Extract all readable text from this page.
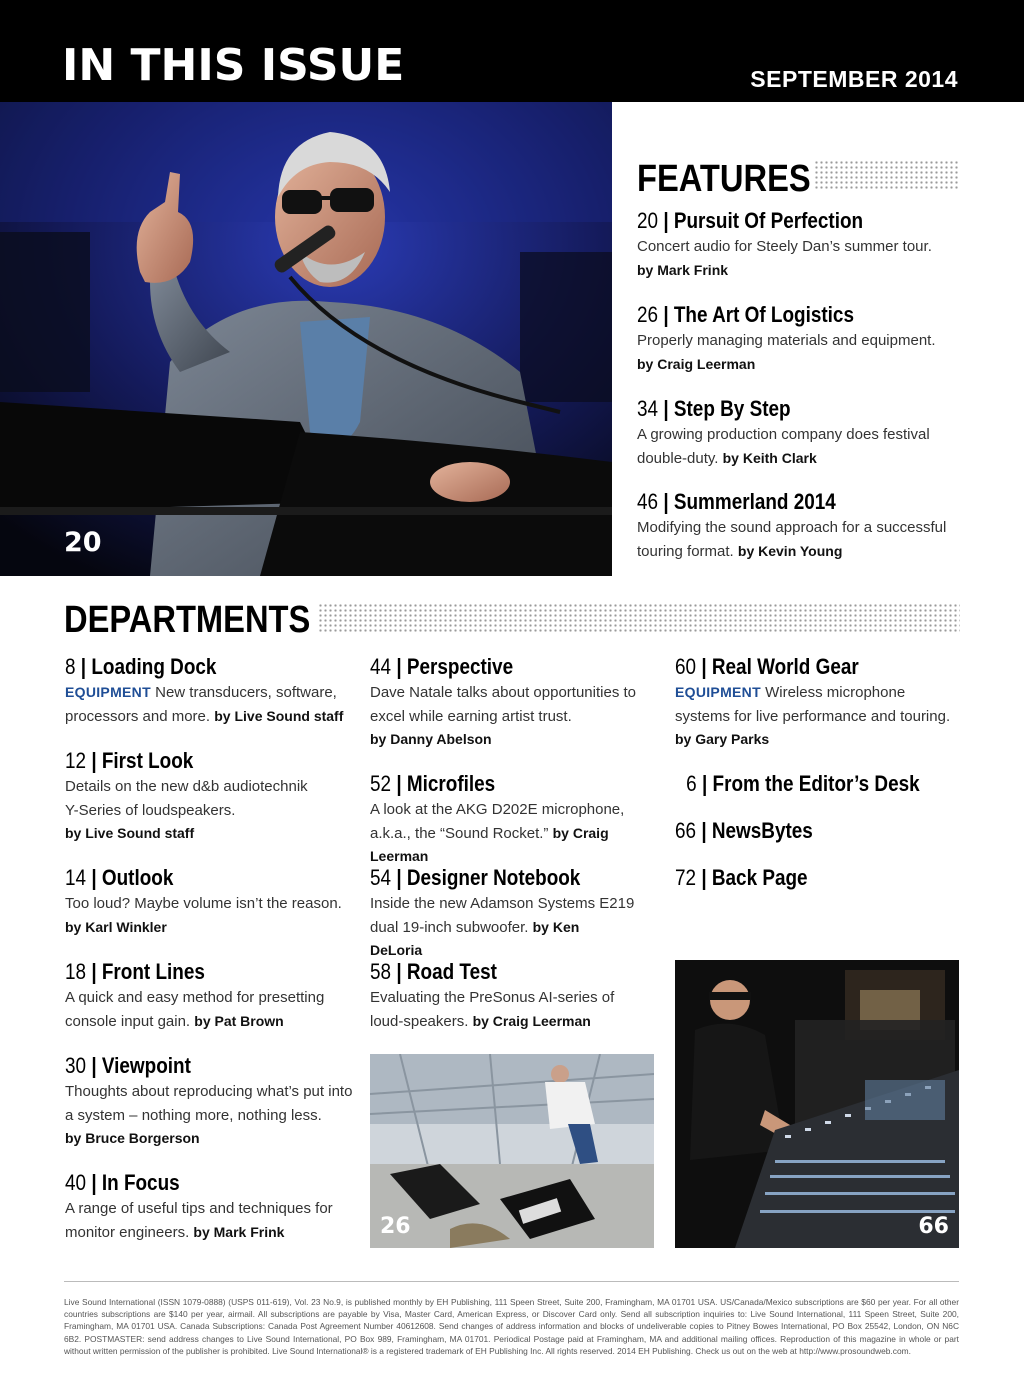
IN THIS ISSUE	SEPTEMBER 2014
20
FEATURES
20 | Pursuit Of Perfection
Concert audio for Steely Dan’s summer tour.
by Mark Frink
26 | The Art Of Logistics
Properly managing materials and equipment.
by Craig Leerman
34 | Step By Step
A growing production company does festival double-duty. by Keith Clark
46 | Summerland 2014
Modifying the sound approach for a successful touring format. by Kevin Young
DEPARTMENTS
8 | Loading Dock
EQUIPMENT New transducers, software, processors and more. by Live Sound staff
12 | First Look
Details on the new d&b audiotechnik Y-Series of loudspeakers.
by Live Sound staff
14 | Outlook
Too loud? Maybe volume isn’t the reason.
by Karl Winkler
18 | Front Lines
A quick and easy method for presetting console input gain. by Pat Brown
30 | Viewpoint
Thoughts about reproducing what’s put into a system – nothing more, nothing less.
by Bruce Borgerson
40 | In Focus
A range of useful tips and techniques for monitor engineers. by Mark Frink
44 | Perspective
Dave Natale talks about opportunities to excel while earning artist trust.
by Danny Abelson
52 | Microfiles
A look at the AKG D202E microphone, a.k.a., the “Sound Rocket.” by Craig Leerman
54 | Designer Notebook
Inside the new Adamson Systems E219 dual 19-inch subwoofer. by Ken DeLoria
58 | Road Test
Evaluating the PreSonus AI-series of loud-speakers. by Craig Leerman
60 | Real World Gear
EQUIPMENT Wireless microphone systems for live performance and touring.
by Gary Parks
6 | From the Editor’s Desk
66 | NewsBytes
72 | Back Page
26	66
Live Sound International (ISSN 1079-0888) (USPS 011-619), Vol. 23 No.9, is published monthly by EH Publishing, 111 Speen Street, Suite 200, Framingham, MA 01701 USA. US/Canada/Mexico subscriptions are $60 per year. For all other countries subscriptions are $140 per year, airmail. All subscriptions are payable by Visa, Master Card, American Express, or Discover Card only. Send all subscription inquiries to: Live Sound International, 111 Speen Street, Suite 200, Framingham, MA 01701 USA. Canada Subscriptions: Canada Post Agreement Number 40612608. Send changes of address information and blocks of undeliverable copies to Pitney Bowes International, PO Box 25542, London, ON N6C 6B2. POSTMASTER: send address changes to Live Sound International, PO Box 989, Framingham, MA 01701. Periodical Postage paid at Framingham, MA and additional mailing offices. Reproduction of this magazine in whole or part without written permission of the publisher is prohibited. Live Sound International® is a registered trademark of EH Publishing Inc. All rights reserved. 2014 EH Publishing. Check us out on the web at http://www.prosoundweb.com.
